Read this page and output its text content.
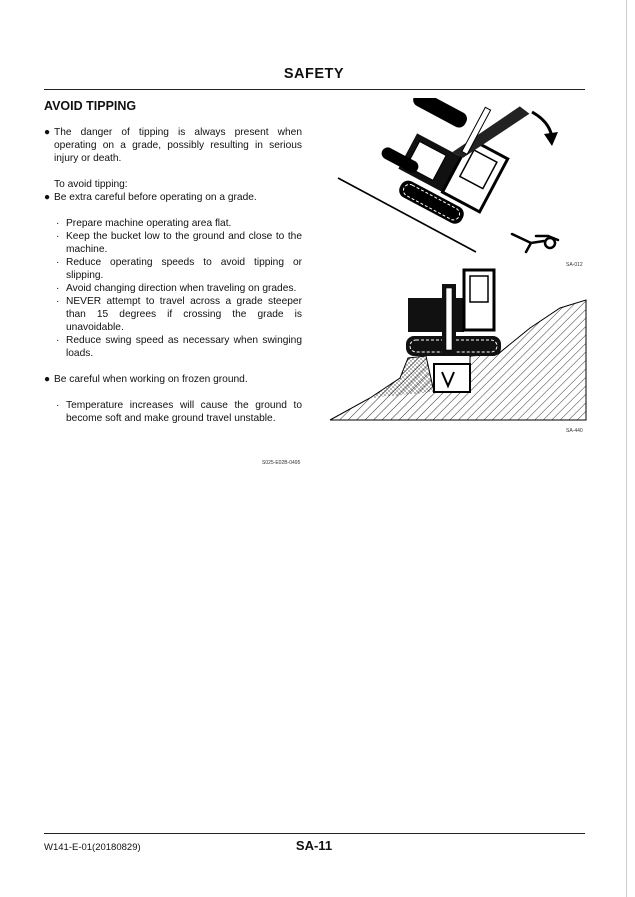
SAFETY
AVOID TIPPING
● The danger of tipping is always present when operating on a grade, possibly resulting in serious injury or death.
To avoid tipping:
● Be extra careful before operating on a grade.
· Prepare machine operating area flat.
· Keep the bucket low to the ground and close to the machine.
· Reduce operating speeds to avoid tipping or slipping.
· Avoid changing direction when traveling on grades.
· NEVER attempt to travel across a grade steeper than 15 degrees if crossing the grade is unavoidable.
· Reduce swing speed as necessary when swinging loads.
● Be careful when working on frozen ground.
· Temperature increases will cause the ground to become soft and make ground travel unstable.
S025-E02B-0495
SA-012
SA-440
W141-E-01(20180829)	SA-11
